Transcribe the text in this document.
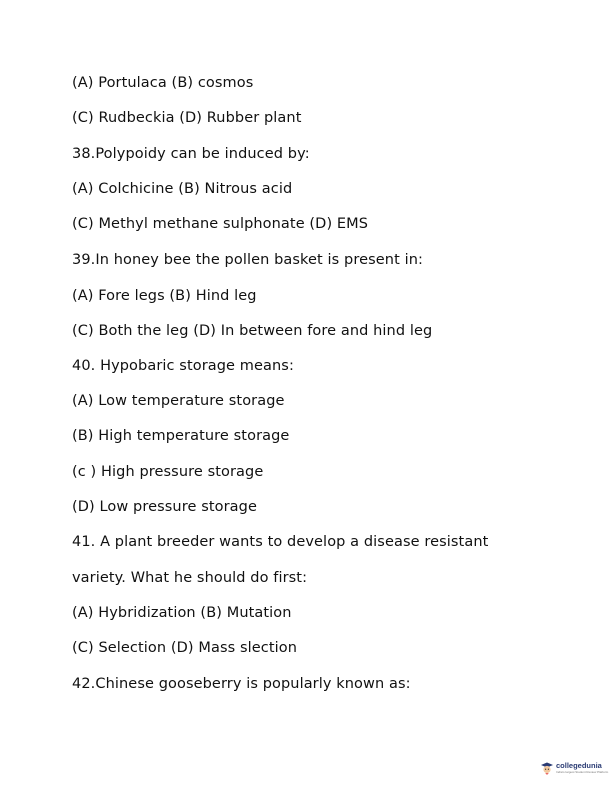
(A) Portulaca (B) cosmos
(C) Rudbeckia (D) Rubber plant
38.Polypoidy can be induced by:
(A) Colchicine (B) Nitrous acid
(C) Methyl methane sulphonate (D) EMS
39.In honey bee the pollen basket is present in:
(A) Fore legs (B) Hind leg
(C) Both the leg (D) In between fore and hind leg
40. Hypobaric storage means:
(A) Low temperature storage
(B) High temperature storage
(c ) High pressure storage
(D) Low pressure storage
41. A plant breeder wants to develop a disease resistant
variety. What he should do first:
(A) Hybridization (B) Mutation
(C) Selection (D) Mass slection
42.Chinese gooseberry is popularly known as:
collegedunia
India's largest Student Review Platform
